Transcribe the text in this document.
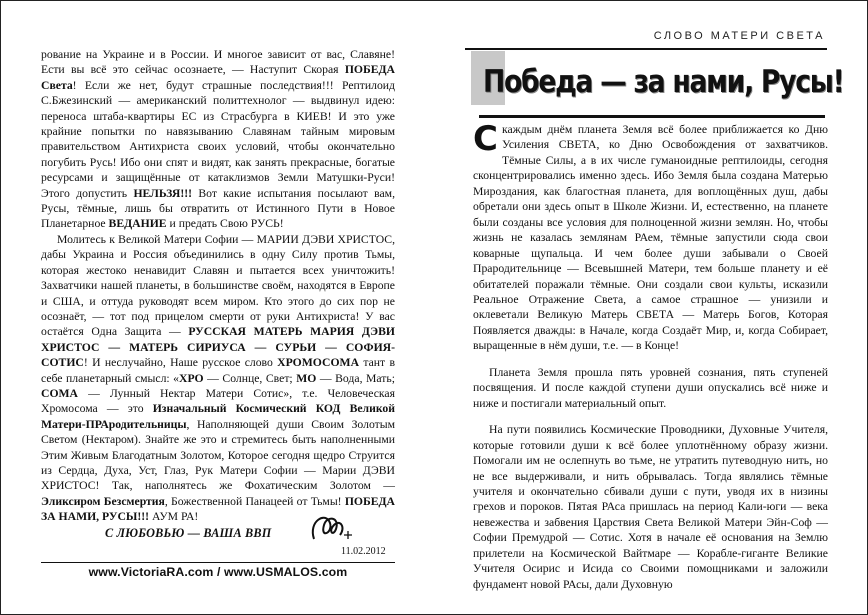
рование на Украине и в России. И многое зависит от вас, Славяне! Ести вы всё это сейчас осознаете, — Наступит Скорая ПОБЕДА Света! Если же нет, будут страшные последствия!!! Рептилоид С.Бжезинский — американский политтехнолог — выдвинул идею: переноса штаба-квартиры ЕС из Страсбурга в КИЕВ! И это уже крайние попытки по навязыванию Славянам тайным мировым правительством Антихриста своих условий, чтобы окончательно погубить Русь! Ибо они спят и видят, как занять прекрасные, богатые ресурсами и защищённые от катаклизмов Земли Матушки-Руси! Этого допустить НЕЛЬЗЯ!!! Вот какие испытания посылают вам, Русы, тёмные, лишь бы отвратить от Истинного Пути в Новое Планетарное ВЕДАНИЕ и предать Свою РУСЬ!

Молитесь к Великой Матери Софии — МАРИИ ДЭВИ ХРИСТОС, дабы Украина и Россия объединились в одну Силу против Тьмы, которая жестоко ненавидит Славян и пытается всех уничтожить! Захватчики нашей планеты, в большинстве своём, находятся в Европе и США, и оттуда руководят всем миром. Кто этого до сих пор не осознаёт, — тот под прицелом смерти от руки Антихриста! У вас остаётся Одна Защита — РУССКАЯ МАТЕРЬ МАРИЯ ДЭВИ ХРИСТОС — МАТЕРЬ СИРИУСА — СУРЬИ — СОФИЯ-СОТИС! И неслучайно, Наше русское слово ХРОМОСОМА тант в себе планетарный смысл: «ХРО — Солнце, Свет; МО — Вода, Мать; СОМА — Лунный Нектар Матери Сотис», т.е. Человеческая Хромосома — это Изначальный Космический КОД Великой Матери-ПРАродительницы, Наполняющей души Своим Золотым Светом (Нектаром). Знайте же это и стремитесь быть наполненными Этим Живым Благодатным Золотом, Которое сегодня щедро Струится из Сердца, Духа, Уст, Глаз, Рук Матери Софии — Марии ДЭВИ ХРИСТОС! Так, наполнятесь же Фохатическим Золотом — Эликсиром Безсмертия, Божественной Панацеей от Тьмы! ПОБЕДА ЗА НАМИ, РУСЫ!!! АУМ РА!

С ЛЮБОВЬЮ — ВАША ВВП
11.02.2012
www.VictoriaRA.com / www.USMALOS.com
СЛОВО МАТЕРИ СВЕТА
Победа — за нами, Русы!

Скаждым днём планета Земля всё более приближается ко Дню Усиления СВЕТА, ко Дню Освобождения от захватчиков. Тёмные Силы, а в их числе гуманоидные рептилоиды, сегодня сконцентрировались именно здесь. Ибо Земля была создана Матерью Мироздания, как благостная планета, для воплощённых душ, дабы обретали они здесь опыт в Школе Жизни. И, естественно, на планете были созданы все условия для полноценной жизни землян. Но, чтобы жизнь не казалась землянам РАем, тёмные запустили сюда свои коварные щупальца. И чем более души забывали о Своей Прародительнице — Всевышней Матери, тем больше планету и её обитателей поражали тёмные. Они создали свои культы, исказили Реальное Отражение Света, а самое страшное — унизили и оклеветали Великую Матерь СВЕТА — Матерь Богов, Которая Появляется дважды: в Начале, когда Создаёт Мир, и, когда Собирает, выращенные в нём души, т.е. — в Конце!

Планета Земля прошла пять уровней сознания, пять ступеней посвящения. И после каждой ступени души опускались всё ниже и ниже и постигали материальный опыт.

На пути появились Космические Проводники, Духовные Учителя, которые готовили души к всё более уплотнённому образу жизни. Помогали им не ослепнуть во тьме, не утратить путеводную нить, но не все выдерживали, и нить обрывалась. Тогда являлись тёмные учителя и окончательно сбивали души с пути, уводя их в низины грехов и пороков. Пятая РАса пришлась на период Кали-юги — века невежества и забвения Царствия Света Великой Матери Эйн-Соф — Софии Премудрой — Сотис. Хотя в начале её основания на Землю прилетели на Космической Вайтмаре — Корабле-гиганте Великие Учителя Осирис и Исида со Своими помощниками и заложили фундамент новой РАсы, дали Духовную
